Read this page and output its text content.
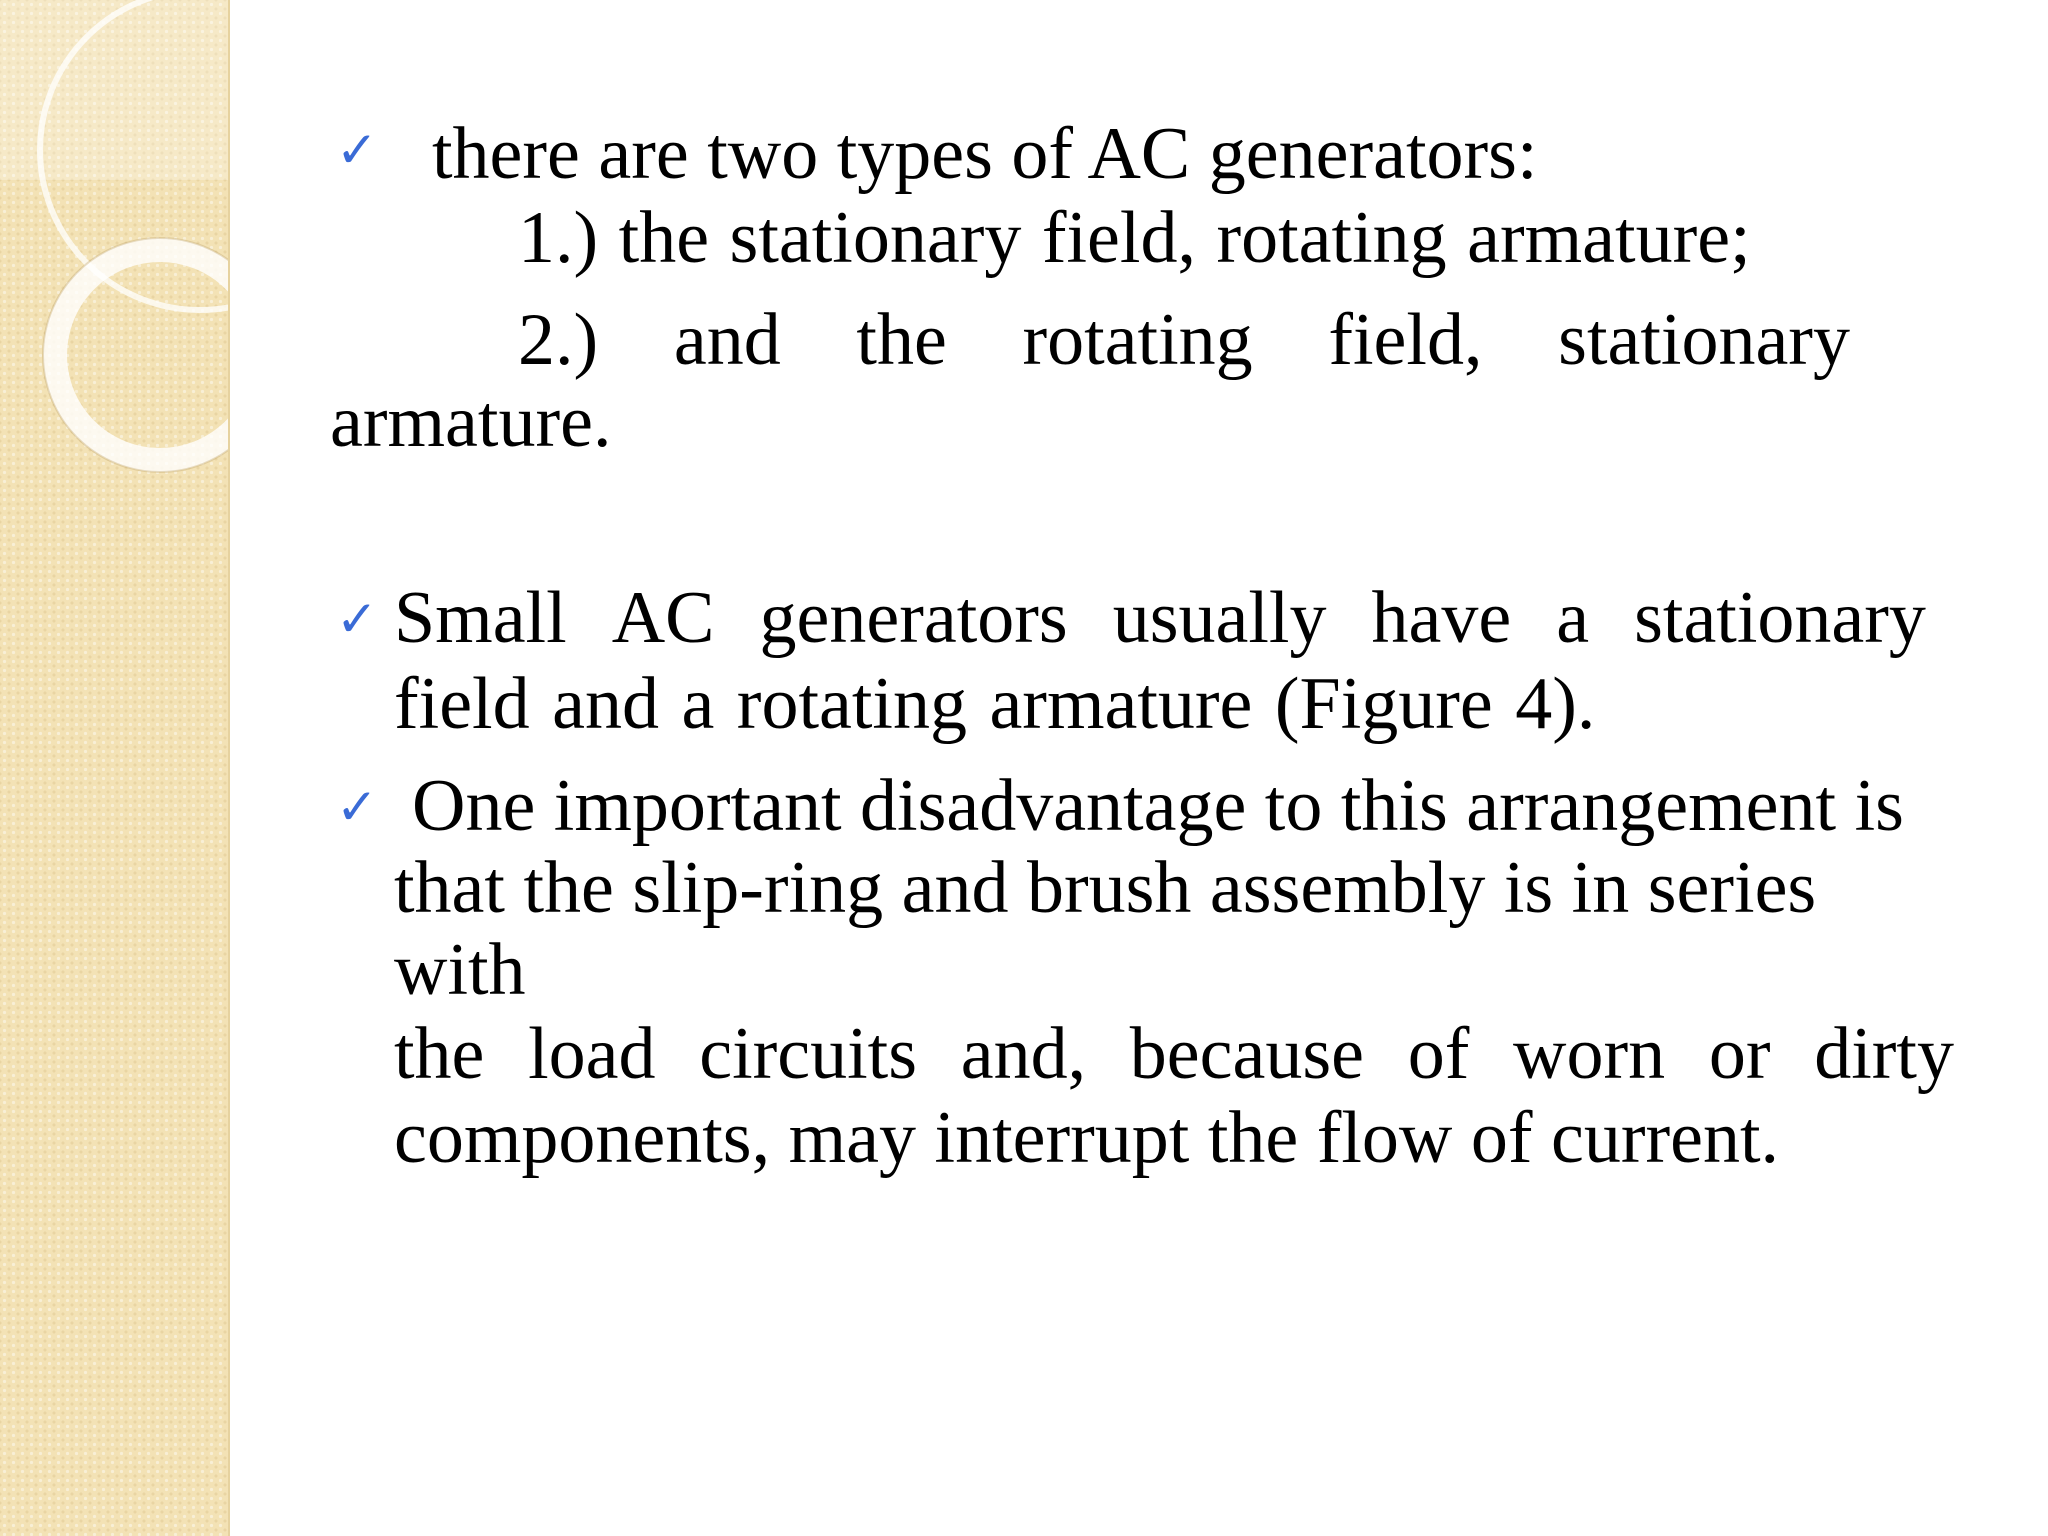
✓ there are two types of AC generators:
1.) the stationary field, rotating armature;
2.) and the rotating field, stationary
armature.
✓ Small AC generators usually have a stationary
field and a rotating armature (Figure 4).
✓ One important disadvantage to this arrangement is
that the slip-ring and brush assembly is in series
with
the load circuits and, because of worn or dirty
components, may interrupt the flow of current.
